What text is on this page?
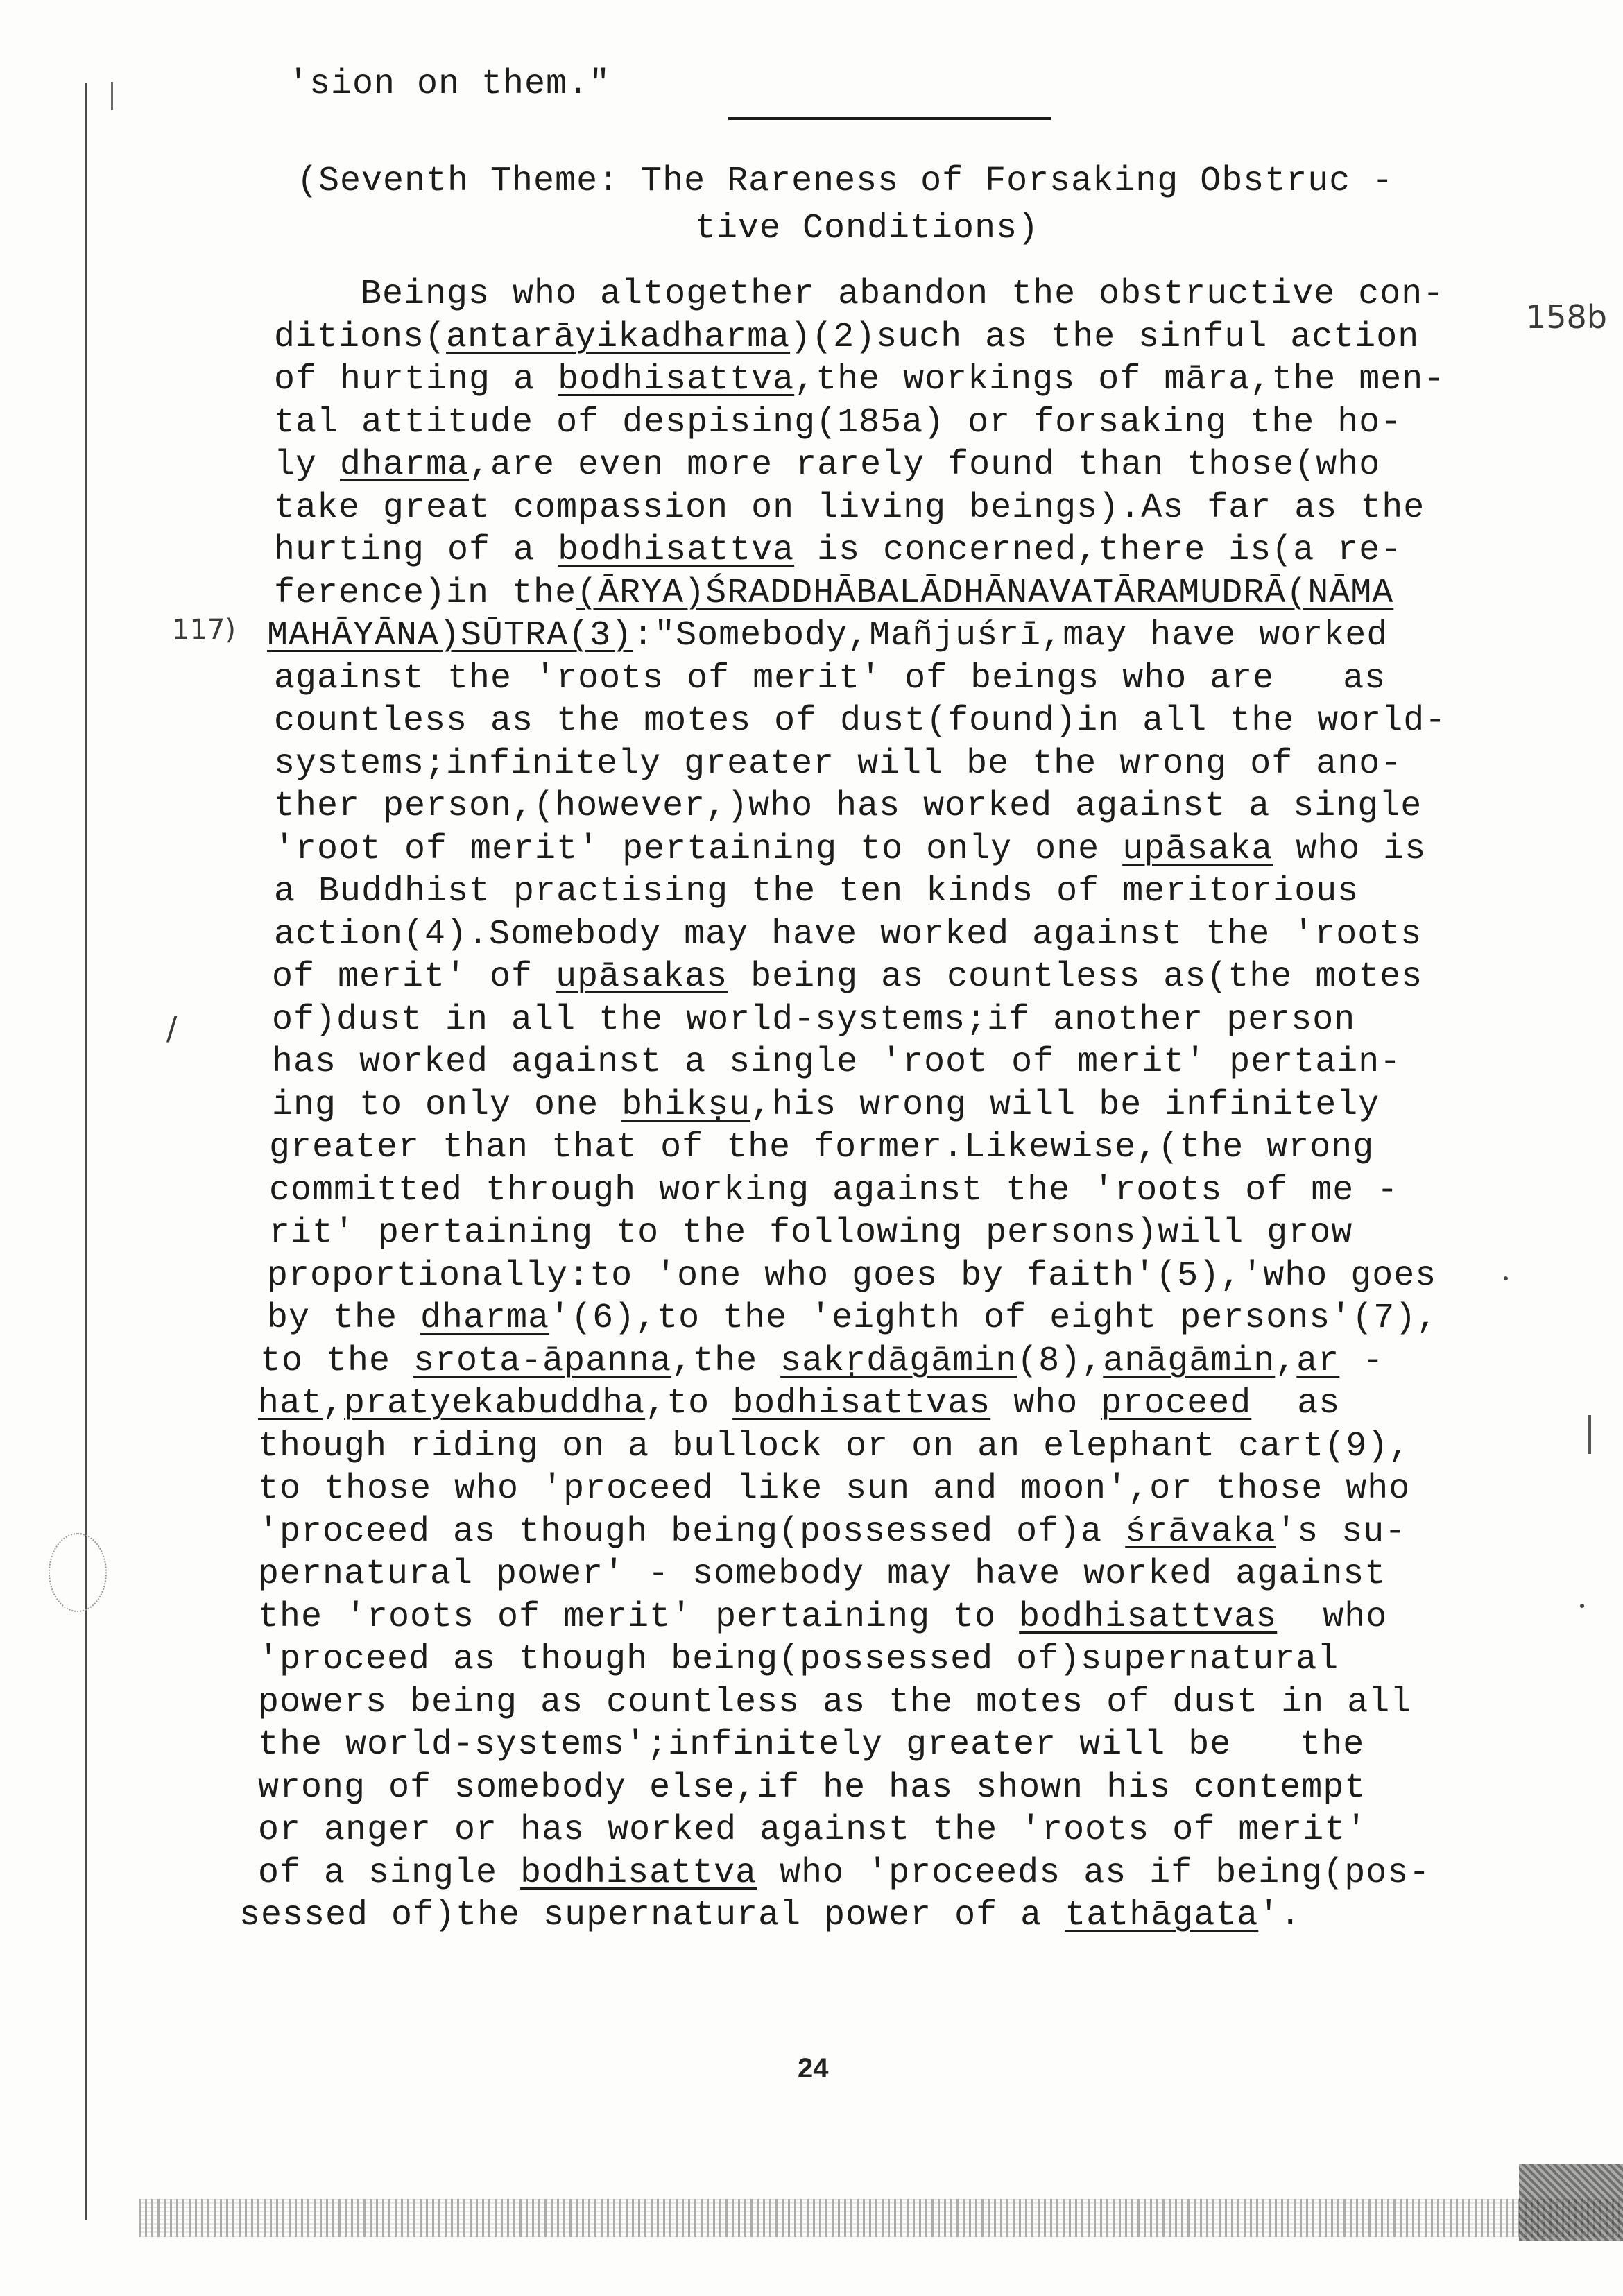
'sion on them."
(Seventh Theme: The Rareness of Forsaking Obstruc -
tive Conditions)
158b
117)
/
Beings who altogether abandon the obstructive con-
ditions(antarāyikadharma)(2)such as the sinful action
of hurting a bodhisattva,the workings of māra,the men-
tal attitude of despising(185a) or forsaking the ho-
ly dharma,are even more rarely found than those(who
take great compassion on living beings).As far as the
hurting of a bodhisattva is concerned,there is(a re-
ference)in the(ĀRYA)ŚRADDHĀBALĀDHĀNAVATĀRAMUDRĀ(NĀMA
MAHĀYĀNA)SŪTRA(3):"Somebody,Mañjuśrī,may have worked
against the 'roots of merit' of beings who are   as
countless as the motes of dust(found)in all the world-
systems;infinitely greater will be the wrong of ano-
ther person,(however,)who has worked against a single
'root of merit' pertaining to only one upāsaka who is
a Buddhist practising the ten kinds of meritorious
action(4).Somebody may have worked against the 'roots
of merit' of upāsakas being as countless as(the motes
of)dust in all the world-systems;if another person
has worked against a single 'root of merit' pertain-
ing to only one bhikṣu,his wrong will be infinitely
greater than that of the former.Likewise,(the wrong
committed through working against the 'roots of me -
rit' pertaining to the following persons)will grow
proportionally:to 'one who goes by faith'(5),'who goes
by the dharma'(6),to the 'eighth of eight persons'(7),
to the srota-āpanna,the sakṛdāgāmin(8),anāgāmin,ar -
hat,pratyekabuddha,to bodhisattvas who proceed  as
though riding on a bullock or on an elephant cart(9),
to those who 'proceed like sun and moon',or those who
'proceed as though being(possessed of)a śrāvaka's su-
pernatural power' - somebody may have worked against
the 'roots of merit' pertaining to bodhisattvas  who
'proceed as though being(possessed of)supernatural
powers being as countless as the motes of dust in all
the world-systems';infinitely greater will be   the
wrong of somebody else,if he has shown his contempt
or anger or has worked against the 'roots of merit'
of a single bodhisattva who 'proceeds as if being(pos-
sessed of)the supernatural power of a tathāgata'.
24
